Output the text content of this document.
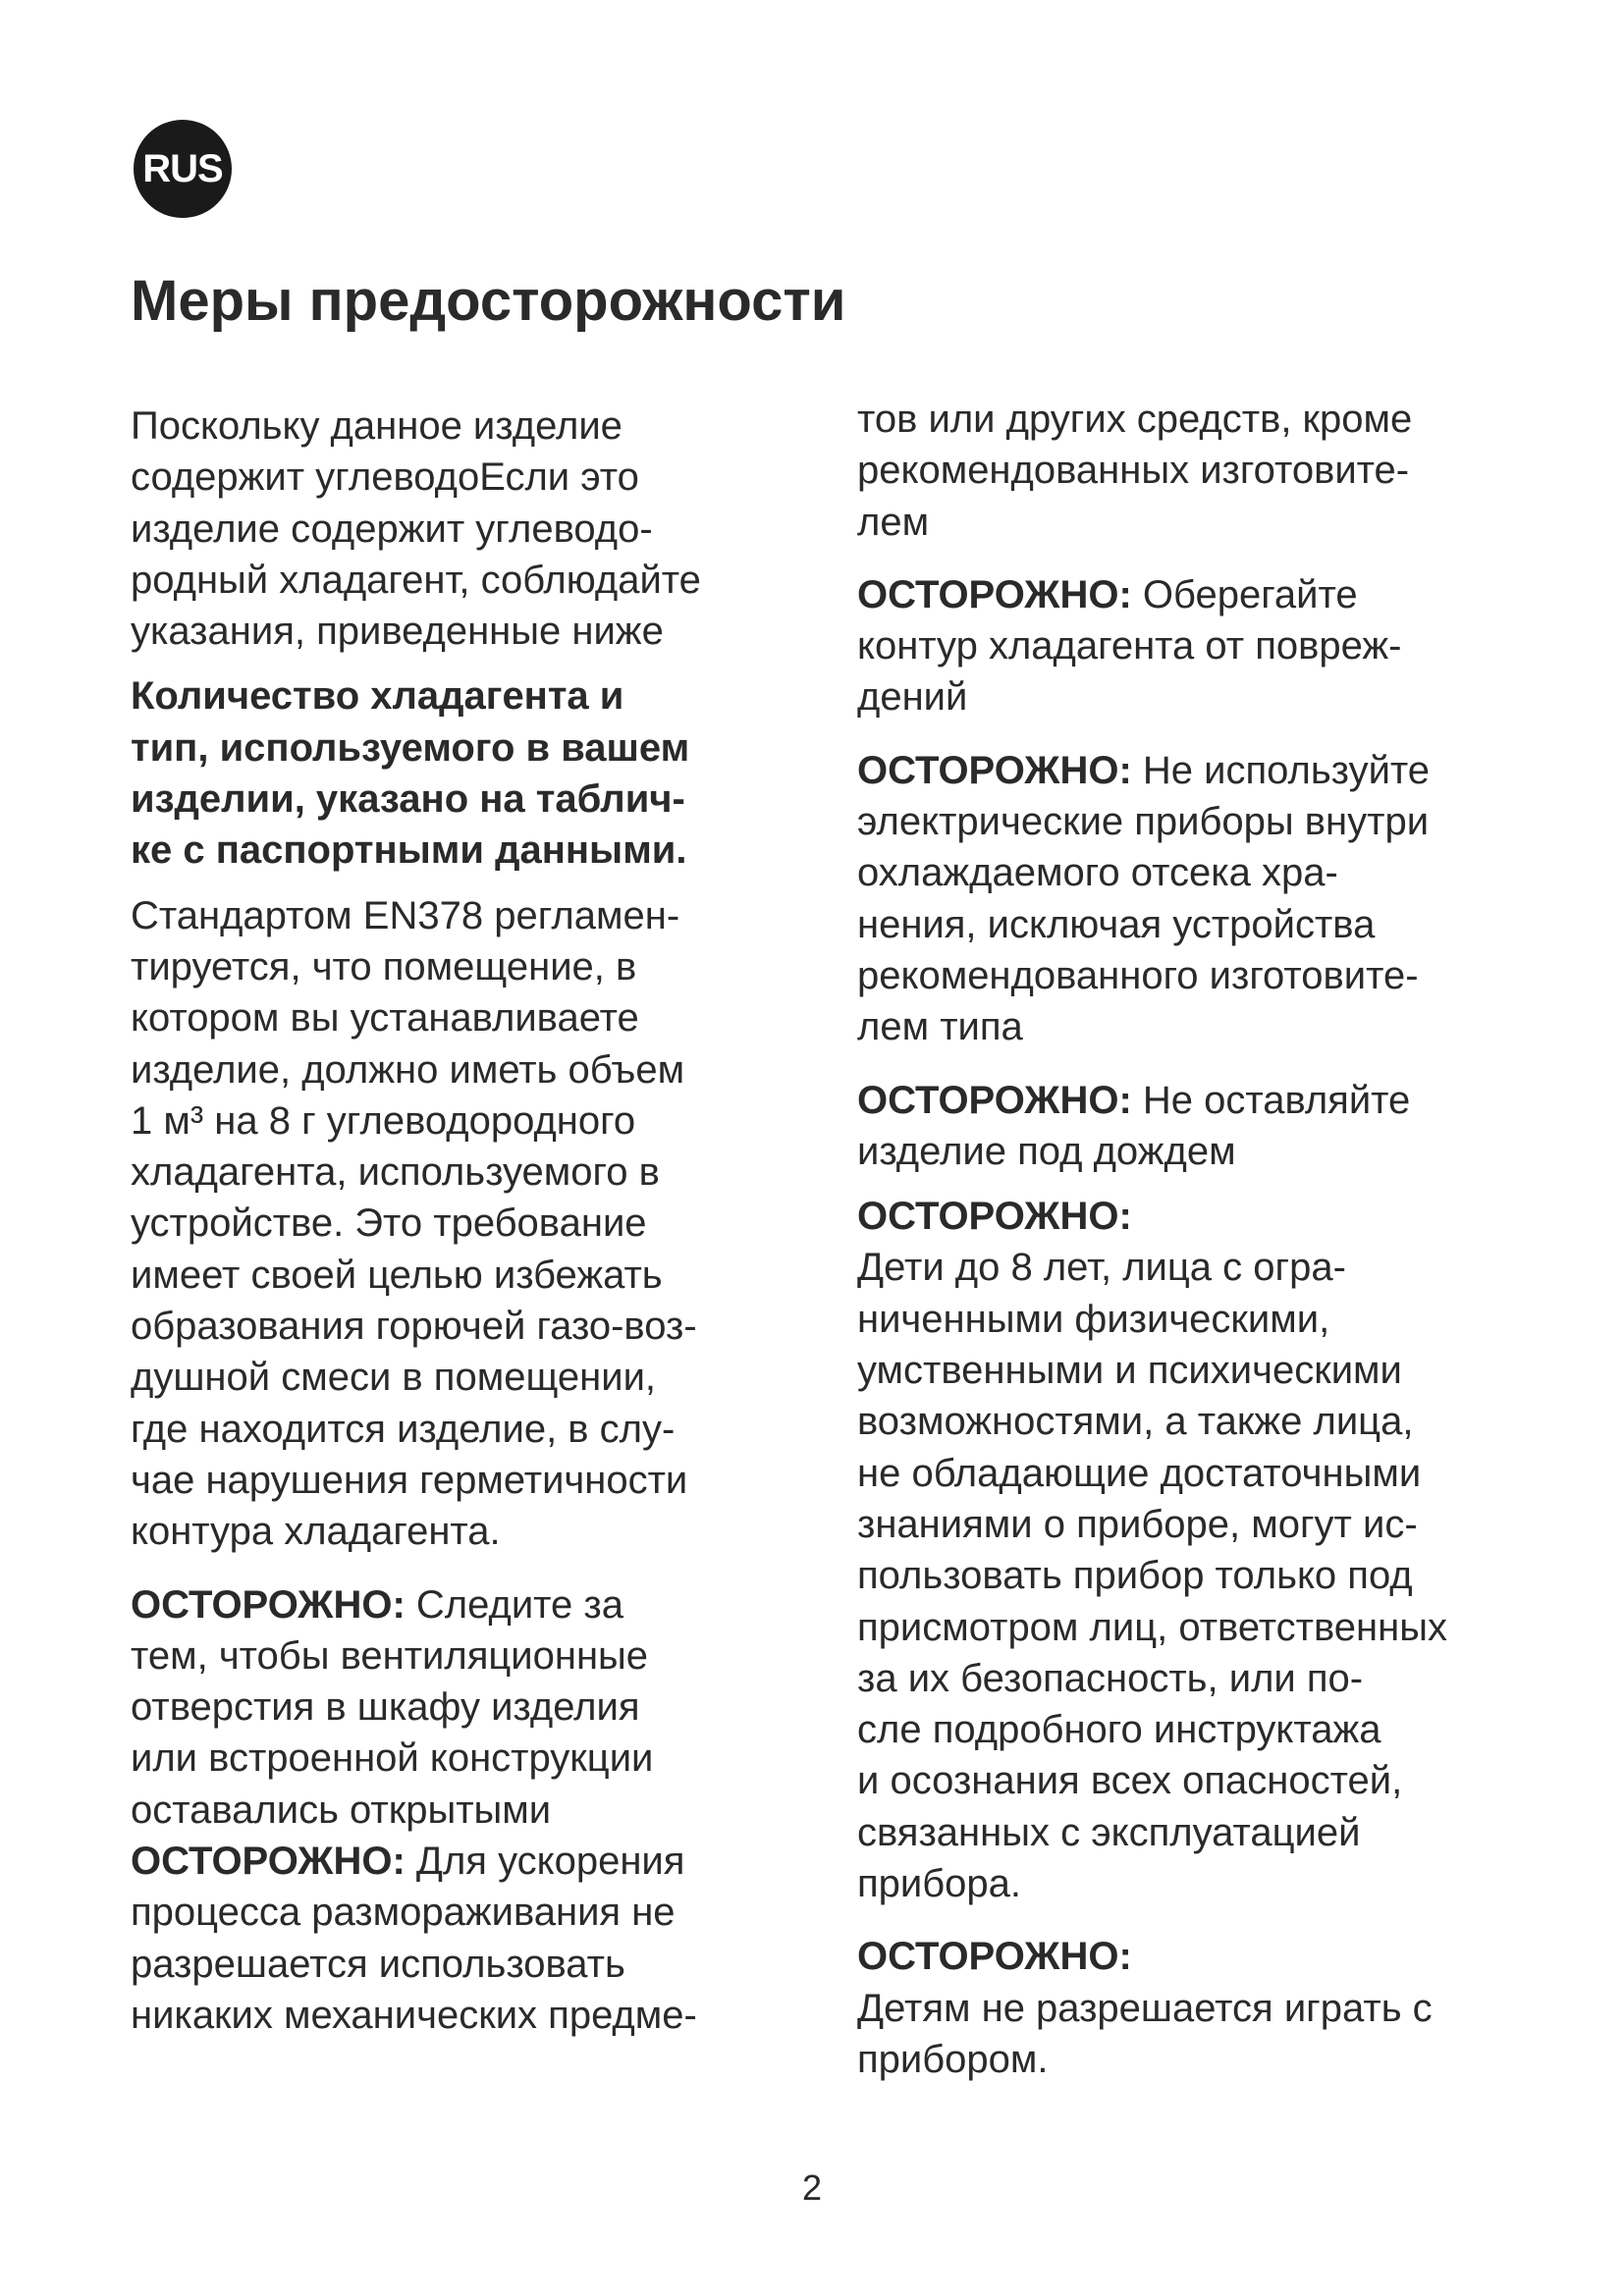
RUS
Меры предосторожности
Поскольку данное изделие
содержит углеводоЕсли это
изделие содержит углеводо-
родный хладагент, соблюдайте
указания, приведенные ниже
Количество хладагента и
тип, используемого в вашем
изделии, указано на таблич-
ке с паспортными данными.
Стандартом EN378 регламен-
тируется, что помещение, в
котором вы устанавливаете
изделие, должно иметь объем
1 м³ на 8 г углеводородного
хладагента, используемого в
устройстве. Это требование
имеет своей целью избежать
образования горючей газо-воз-
душной смеси в помещении,
где находится изделие, в слу-
чае нарушения герметичности
контура хладагента.
ОСТОРОЖНО: Следите за
тем, чтобы вентиляционные
отверстия в шкафу изделия
или встроенной конструкции
оставались открытыми
ОСТОРОЖНО: Для ускорения
процесса размораживания не
разрешается использовать
никаких механических предме-
тов или других средств, кроме
рекомендованных изготовите-
лем
ОСТОРОЖНО: Оберегайте
контур хладагента от повреж-
дений
ОСТОРОЖНО: Не используйте
электрические приборы внутри
охлаждаемого отсека хра-
нения, исключая устройства
рекомендованного изготовите-
лем типа
ОСТОРОЖНО: Не оставляйте
изделие под дождем
ОСТОРОЖНО:
Дети до 8 лет, лица с огра-
ниченными физическими,
умственными и психическими
возможностями, а также лица,
не обладающие достаточными
знаниями о приборе, могут ис-
пользовать прибор только под
присмотром лиц, ответственных
за их безопасность, или по-
сле подробного инструктажа
и осознания всех опасностей,
связанных с эксплуатацией
прибора.
ОСТОРОЖНО:
Детям не разрешается играть с
прибором.
2
